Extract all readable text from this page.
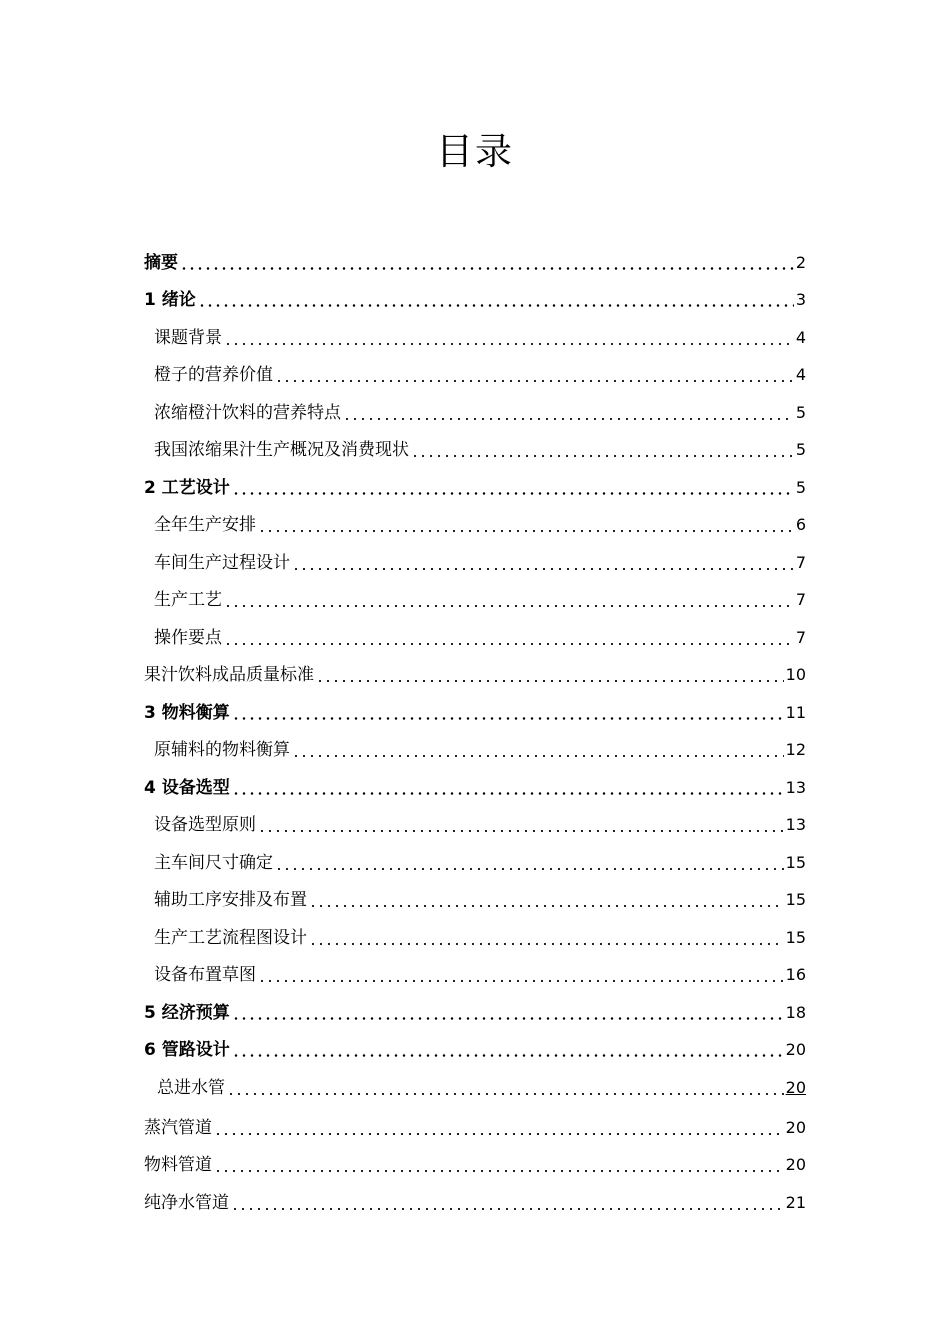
目录
摘要	2
1 绪论	3
课题背景	4
橙子的营养价值	4
浓缩橙汁饮料的营养特点	5
我国浓缩果汁生产概况及消费现状	5
2 工艺设计	5
全年生产安排	6
车间生产过程设计	7
生产工艺	7
操作要点	7
果汁饮料成品质量标准	10
3 物料衡算	11
原辅料的物料衡算	12
4 设备选型	13
设备选型原则	13
主车间尺寸确定	15
辅助工序安排及布置	15
生产工艺流程图设计	15
设备布置草图	16
5 经济预算	18
6 管路设计	20
总进水管	20
蒸汽管道	20
物料管道	20
纯净水管道	21
